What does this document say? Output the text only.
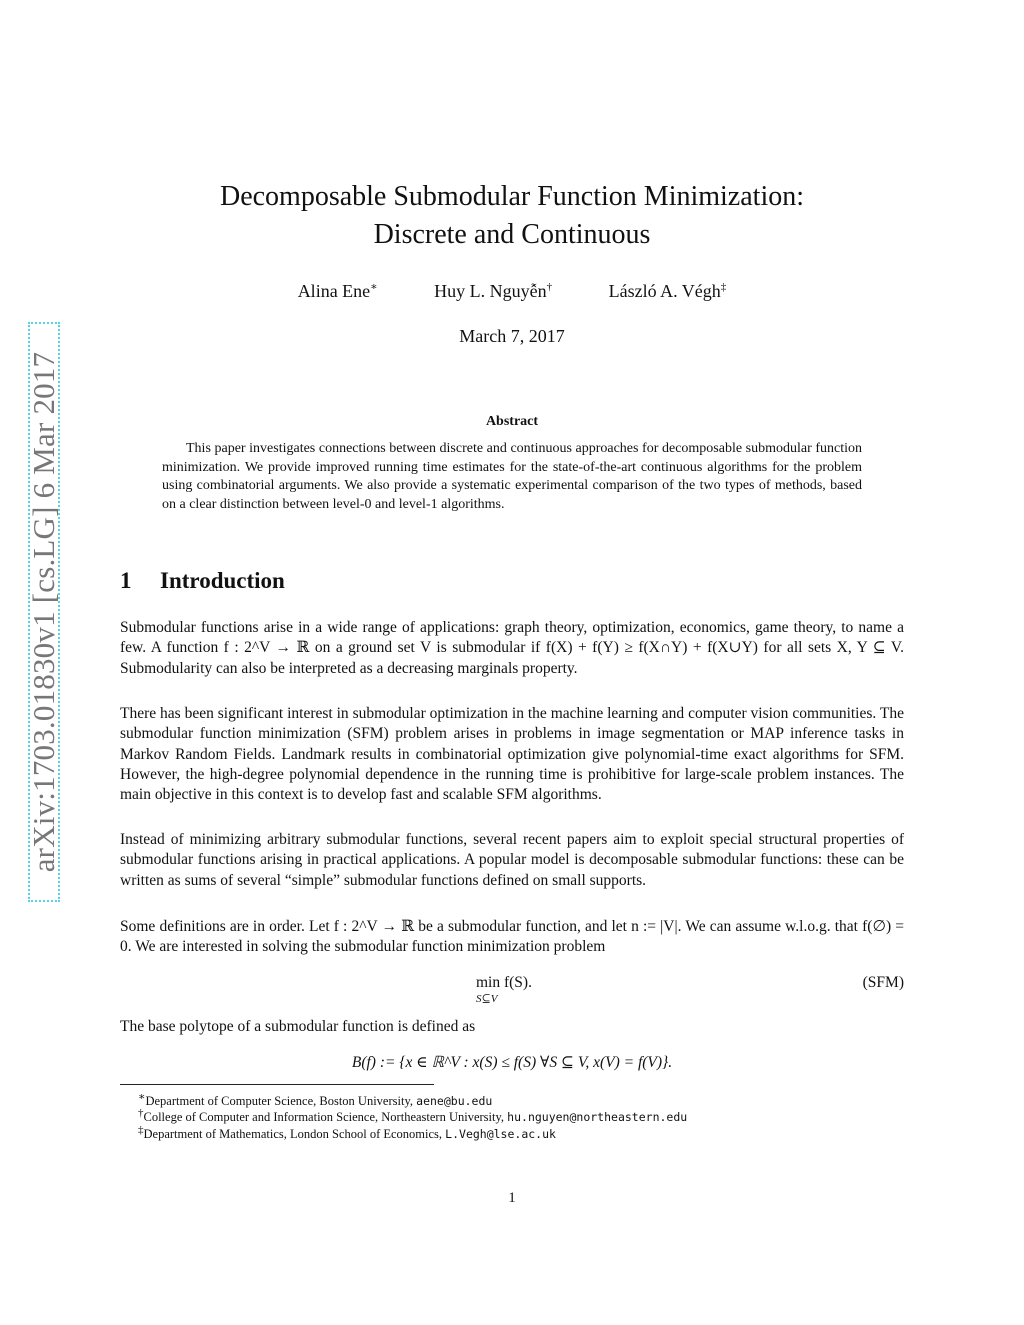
arXiv:1703.01830v1 [cs.LG] 6 Mar 2017
Decomposable Submodular Function Minimization:
Discrete and Continuous
Alina Ene∗	Huy L. Nguyễn†	László A. Végh‡
March 7, 2017
Abstract
This paper investigates connections between discrete and continuous approaches for decomposable submodular function minimization. We provide improved running time estimates for the state-of-the-art continuous algorithms for the problem using combinatorial arguments. We also provide a systematic experimental comparison of the two types of methods, based on a clear distinction between level-0 and level-1 algorithms.
1 Introduction
Submodular functions arise in a wide range of applications: graph theory, optimization, economics, game theory, to name a few. A function f : 2^V → ℝ on a ground set V is submodular if f(X) + f(Y) ≥ f(X∩Y) + f(X∪Y) for all sets X, Y ⊆ V. Submodularity can also be interpreted as a decreasing marginals property.
There has been significant interest in submodular optimization in the machine learning and computer vision communities. The submodular function minimization (SFM) problem arises in problems in image segmentation or MAP inference tasks in Markov Random Fields. Landmark results in combinatorial optimization give polynomial-time exact algorithms for SFM. However, the high-degree polynomial dependence in the running time is prohibitive for large-scale problem instances. The main objective in this context is to develop fast and scalable SFM algorithms.
Instead of minimizing arbitrary submodular functions, several recent papers aim to exploit special structural properties of submodular functions arising in practical applications. A popular model is decomposable submodular functions: these can be written as sums of several “simple” submodular functions defined on small supports.
Some definitions are in order. Let f : 2^V → ℝ be a submodular function, and let n := |V|. We can assume w.l.o.g. that f(∅) = 0. We are interested in solving the submodular function minimization problem
min f(S).
S⊆V
(SFM)
The base polytope of a submodular function is defined as
B(f) := {x ∈ ℝ^V : x(S) ≤ f(S) ∀S ⊆ V, x(V) = f(V)}.
∗Department of Computer Science, Boston University, aene@bu.edu
†College of Computer and Information Science, Northeastern University, hu.nguyen@northeastern.edu
‡Department of Mathematics, London School of Economics, L.Vegh@lse.ac.uk
1
